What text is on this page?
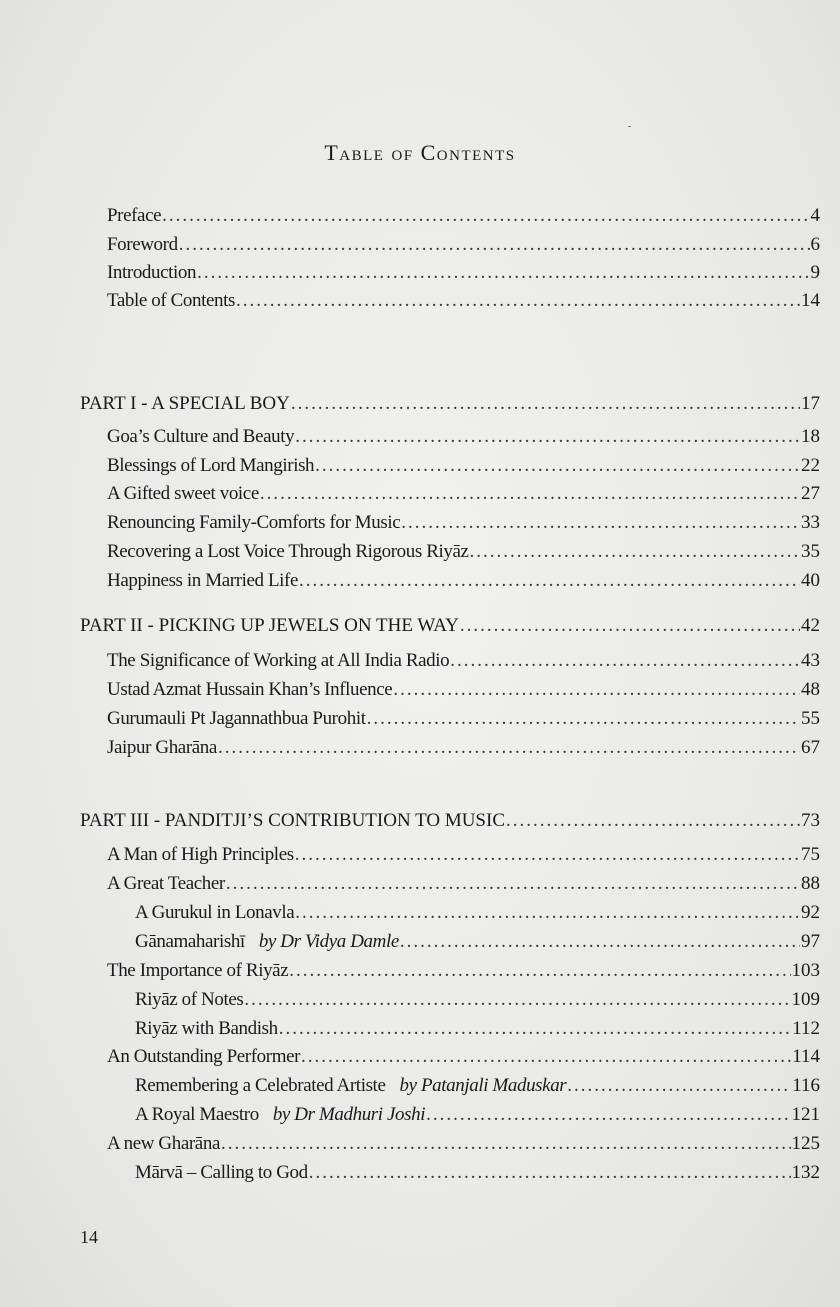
-
Table of Contents
Preface .....	4
Foreword .....	6
Introduction .....	9
Table of Contents .....	14
PART I - A SPECIAL BOY .....	17
Goa’s Culture and Beauty .....	18
Blessings of Lord Mangirish .....	22
A Gifted sweet voice .....	27
Renouncing Family-Comforts for Music .....	33
Recovering a Lost Voice Through Rigorous Riyāz .....	35
Happiness in Married Life .....	40
PART II - PICKING UP JEWELS ON THE WAY .....	42
The Significance of Working at All India Radio .....	43
Ustad Azmat Hussain Khan’s Influence .....	48
Gurumauli Pt Jagannathbua Purohit .....	55
Jaipur Gharāna .....	67
PART III - PANDITJI’S CONTRIBUTION TO MUSIC .....	73
A Man of High Principles .....	75
A Great Teacher .....	88
A Gurukul in Lonavla .....	92
Gānamaharishī by Dr Vidya Damle .....	97
The Importance of Riyāz .....	103
Riyāz of Notes .....	109
Riyāz with Bandish .....	112
An Outstanding Performer .....	114
Remembering a Celebrated Artiste by Patanjali Maduskar .....	116
A Royal Maestro by Dr Madhuri Joshi .....	121
A new Gharāna .....	125
Mārvā – Calling to God .....	132
14
